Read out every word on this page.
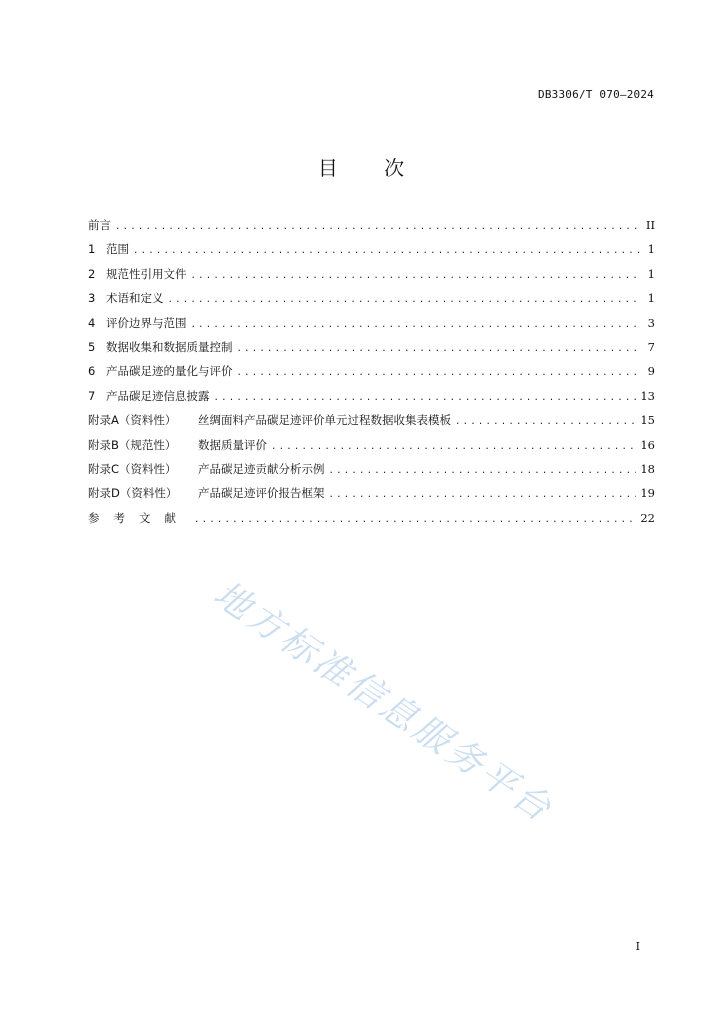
DB3306/T 070—2024
目 次
前言 .....	II
1 范围 .....	1
2 规范性引用文件 .....	1
3 术语和定义 .....	1
4 评价边界与范围 .....	3
5 数据收集和数据质量控制 .....	7
6 产品碳足迹的量化与评价 .....	9
7 产品碳足迹信息披露 .....	13
附录A（资料性）	丝绸面料产品碳足迹评价单元过程数据收集表模板 .....	15
附录B（规范性）	数据质量评价 .....	16
附录C（资料性）	产品碳足迹贡献分析示例 .....	18
附录D（资料性）	产品碳足迹评价报告框架 .....	19
参考文献 .....	22
地方标准信息服务平台
I
